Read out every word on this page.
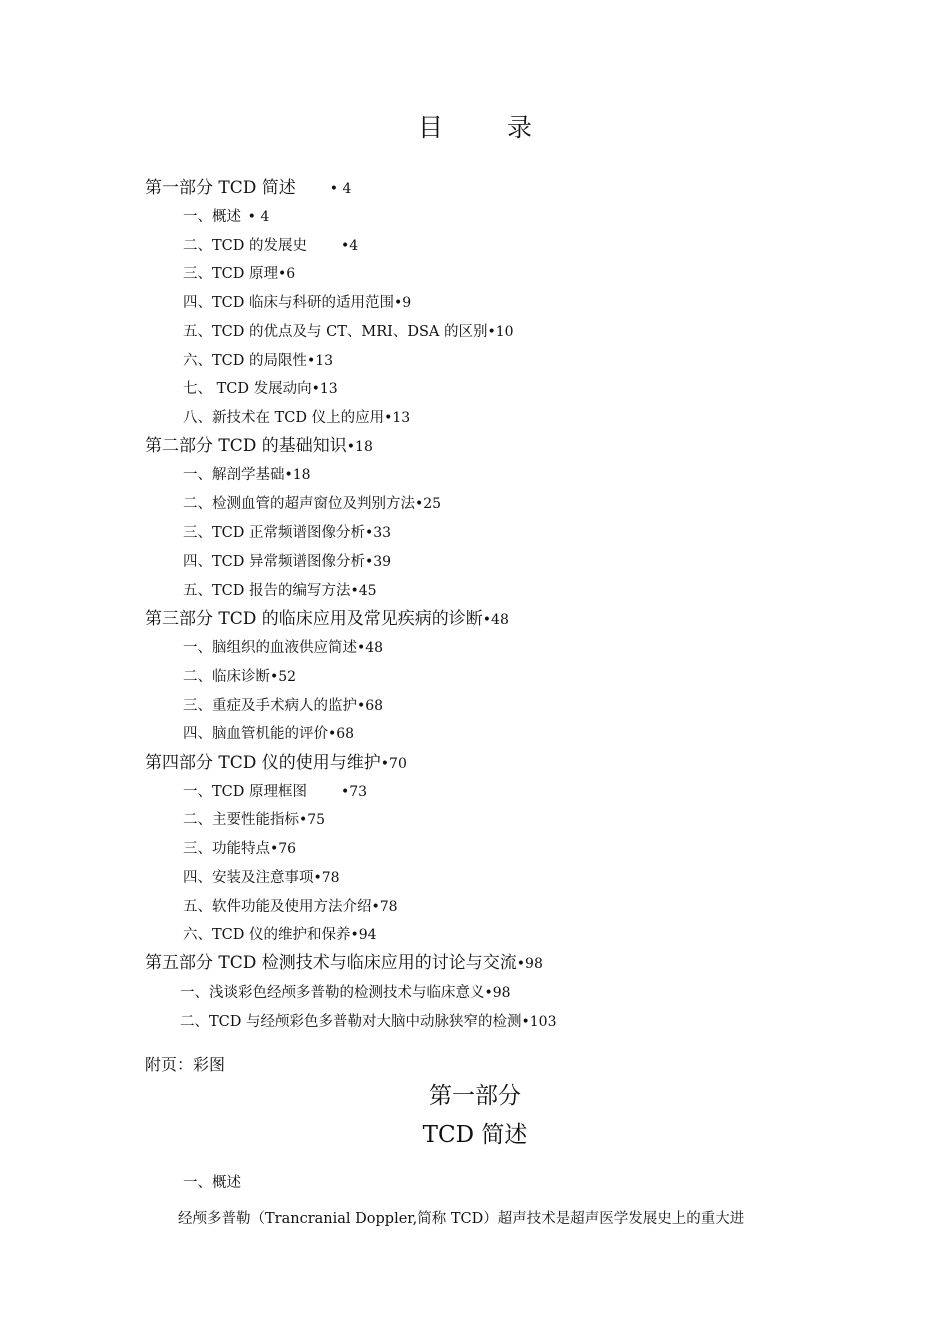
目 录
第一部分 TCD 简述 • 4
一、概述 • 4
二、TCD 的发展史 •4
三、TCD 原理•6
四、TCD 临床与科研的适用范围•9
五、TCD 的优点及与 CT、MRI、DSA 的区别•10
六、TCD 的局限性•13
七、 TCD 发展动向•13
八、新技术在 TCD 仪上的应用•13
第二部分 TCD 的基础知识•18
一、解剖学基础•18
二、检测血管的超声窗位及判别方法•25
三、TCD 正常频谱图像分析•33
四、TCD 异常频谱图像分析•39
五、TCD 报告的编写方法•45
第三部分 TCD 的临床应用及常见疾病的诊断•48
一、脑组织的血液供应简述•48
二、临床诊断•52
三、重症及手术病人的监护•68
四、脑血管机能的评价•68
第四部分 TCD 仪的使用与维护•70
一、TCD 原理框图 •73
二、主要性能指标•75
三、功能特点•76
四、安装及注意事项•78
五、软件功能及使用方法介绍•78
六、TCD 仪的维护和保养•94
第五部分 TCD 检测技术与临床应用的讨论与交流•98
一、浅谈彩色经颅多普勒的检测技术与临床意义•98
二、TCD 与经颅彩色多普勒对大脑中动脉狭窄的检测•103
附页：彩图
第一部分
TCD 简述
一、概述
经颅多普勒（Trancranial Doppler,简称 TCD）超声技术是超声医学发展史上的重大进
